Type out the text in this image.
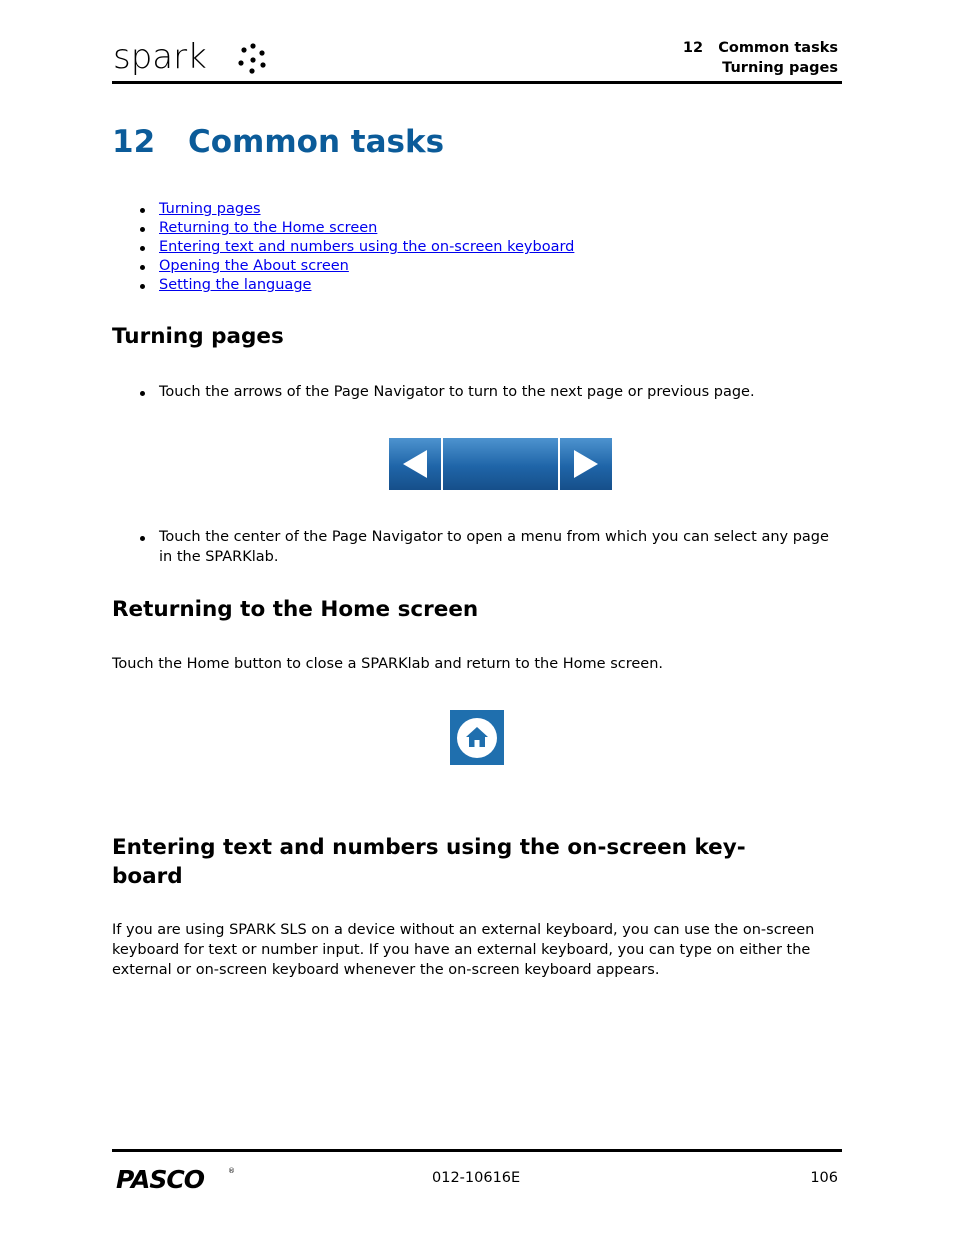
spark	12   Common tasks
Turning pages
12 Common tasks
Turning pages
Returning to the Home screen
Entering text and numbers using the on-screen keyboard
Opening the About screen
Setting the language
Turning pages
Touch the arrows of the Page Navigator to turn to the next page or previous page.
Touch the center of the Page Navigator to open a menu from which you can select any page in the SPARKlab.
Returning to the Home screen
Touch the Home button to close a SPARKlab and return to the Home screen.
Entering text and numbers using the on-screen key-board
If you are using SPARK SLS on a device without an external keyboard, you can use the on-screen keyboard for text or number input. If you have an external keyboard, you can type on either the external or on-screen keyboard whenever the on-screen keyboard appears.
PASCO	®	012-10616E	106
